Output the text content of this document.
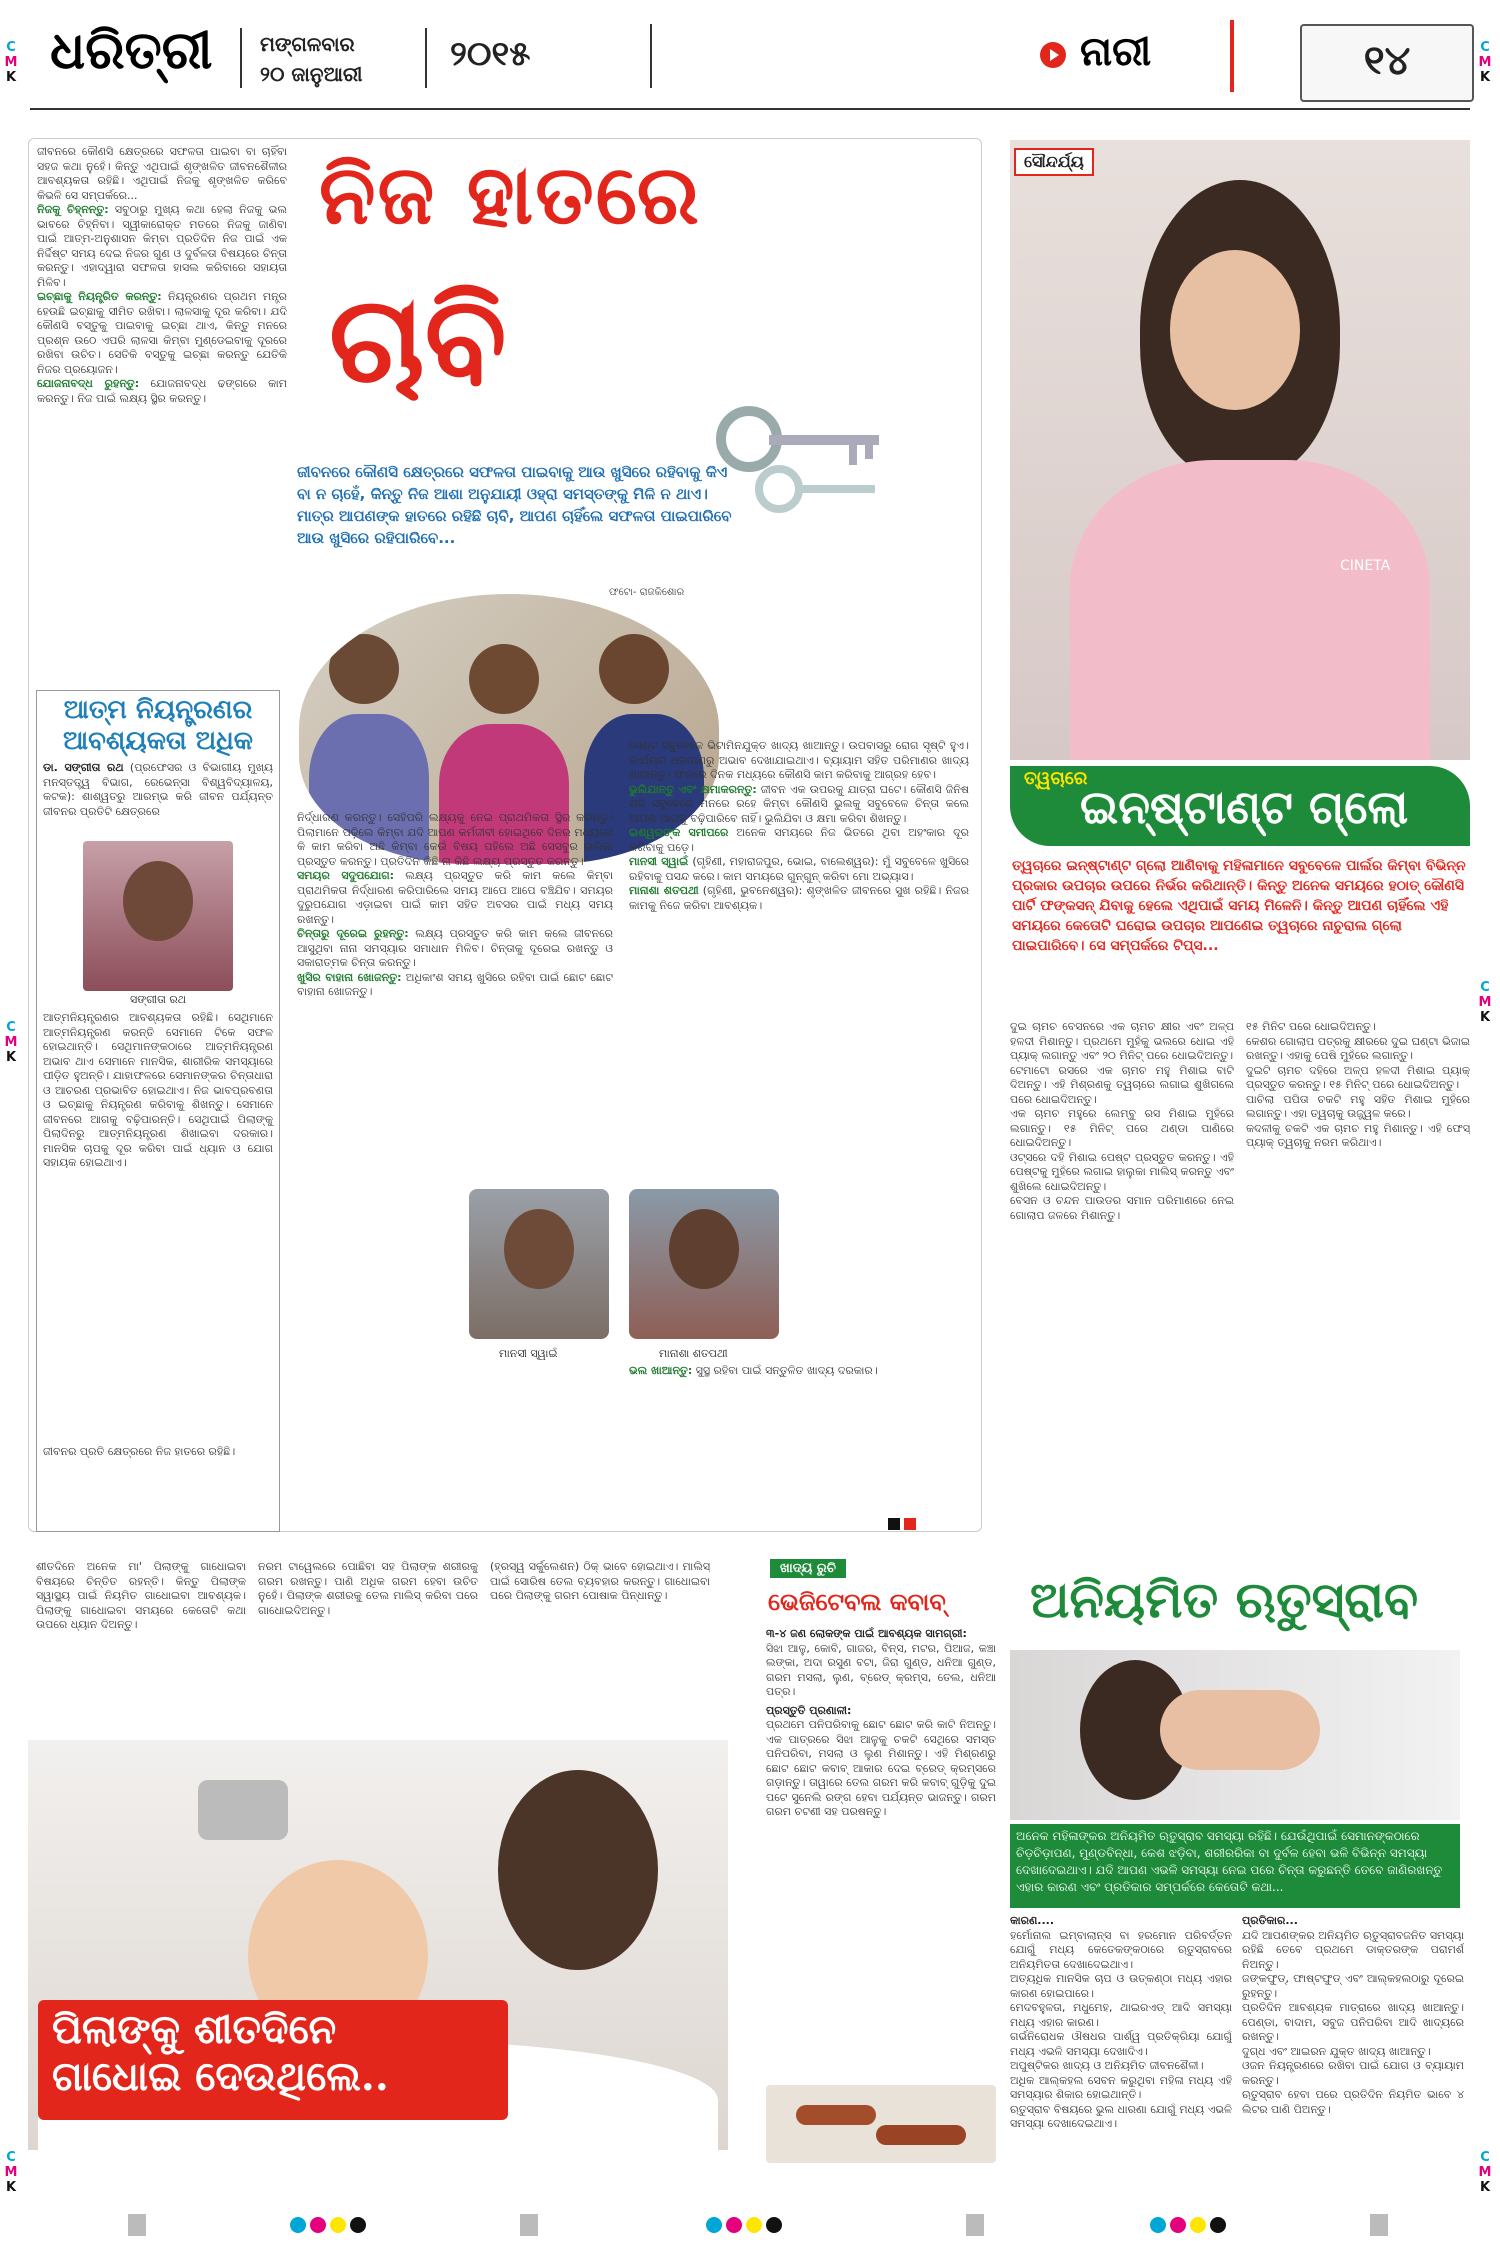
C
M
K
C
M
K
C
M
K
C
M
K
C
M
K
C
M
K
ଧରିତ୍ରୀ ମଙ୍ଗଳବାର
୨୦ ଜାନୁଆରୀ	୨୦୧୫	ନାରୀ	୧୪
ଜୀବନରେ କୌଣସି କ୍ଷେତ୍ରରେ ସଫଳତା ପାଇବା ବା ଚାହିଁବା ସହଜ କଥା ନୁହେଁ। କିନ୍ତୁ ଏଥିପାଇଁ ଶୃଙ୍ଖଳିତ ଜୀବନଶୈଳୀର ଆବଶ୍ୟକତା ରହିଛି। ଏଥିପାଇଁ ନିଜକୁ ଶୃଙ୍ଖଳିତ କରିବେ କିଭଳି ସେ ସମ୍ପର୍କରେ...
ନିଜକୁ ଚିହ୍ନନ୍ତୁ: ସବୁଠାରୁ ମୁଖ୍ୟ କଥା ହେଲା ନିଜକୁ ଭଲ ଭାବରେ ଚିହ୍ନିବା। ସ୍ୱୀକାରୋକ୍ତ ମତରେ ନିଜକୁ ଜାଣିବା ପାଇଁ ଆତ୍ମ-ଅନୁଶାସନ କିମ୍ବା ପ୍ରତିଦିନ ନିଜ ପାଇଁ ଏକ ନିର୍ଦ୍ଦିଷ୍ଟ ସମୟ ଦେଇ ନିଜର ଗୁଣ ଓ ଦୁର୍ବଳତା ବିଷୟରେ ଚିନ୍ତା କରନ୍ତୁ। ଏହାଦ୍ୱାରା ସଫଳତା ହାସଲ କରିବାରେ ସହାୟତା ମିଳିବ।
ଇଚ୍ଛାକୁ ନିୟନ୍ତ୍ରିତ କରନ୍ତୁ: ନିୟନ୍ତ୍ରଣର ପ୍ରଥମ ମନ୍ତ୍ର ହେଉଛି ଇଚ୍ଛାକୁ ସୀମିତ ରଖିବା। ଲାଳସାକୁ ଦୂର କରିବା। ଯଦି କୌଣସି ବସ୍ତୁକୁ ପାଇବାକୁ ଇଚ୍ଛା ଥାଏ, କିନ୍ତୁ ମନରେ ପ୍ରଶ୍ନ ଉଠେ ଏପରି ଲାଳସା କିମ୍ବା ମୁଣ୍ଡେଇବାକୁ ଦୂରରେ ରଖିବା ଉଚିତ। ସେତିକି ବସ୍ତୁକୁ ଇଚ୍ଛା କରନ୍ତୁ ଯେତିକି ନିଜର ପ୍ରୟୋଜନ।
ଯୋଜନାବଦ୍ଧ ରୁହନ୍ତୁ: ଯୋଜନାବଦ୍ଧ ଢଙ୍ଗରେ କାମ କରନ୍ତୁ। ନିଜ ପାଇଁ ଲକ୍ଷ୍ୟ ସ୍ଥିର କରନ୍ତୁ।
ନିଜ ହାତରେ
ଚାବି
ଜୀବନରେ କୌଣସି କ୍ଷେତ୍ରରେ ସଫଳତା ପାଇବାକୁ ଆଉ ଖୁସିରେ ରହିବାକୁ କିଏ ବା ନ ଚାହେଁ, କିନ୍ତୁ ନିଜ ଆଶା ଅନୁଯାୟୀ ଓହ୍ରା ସମସ୍ତଙ୍କୁ ମିଳି ନ ଥାଏ। ମାତ୍ର ଆପଣଙ୍କ ହାତରେ ରହିଛି ଚାବି, ଆପଣ ଚାହିଁଲେ ସଫଳତା ପାଇପାରିବେ ଆଉ ଖୁସିରେ ରହିପାରିବେ...
ଫଟୋ- ରାଜକିଶୋର
ନିର୍ଦ୍ଧାରଣ କରନ୍ତୁ। ସେହିପରି ଲକ୍ଷ୍ୟକୁ ନେଇ ପ୍ରାଥମିକତା ସ୍ଥିର କରନ୍ତୁ। ପିଲାମାନେ ପଢ଼ିଲେ କିମ୍ବା ଯଦି ଆପଣ କର୍ମଜୀବୀ ହୋଇଥିବେ ଦିନର ମଧ୍ୟରେ କି କାମ କରିବା ଅଛି କିମ୍ବା କେଉଁ ବିଷୟ ପହିଲେ ଅଛି ସେସବୁର ତାଲିକା ପ୍ରସ୍ତୁତ କରନ୍ତୁ। ପ୍ରତିଦିନ କିଛି ନା କିଛି ଲକ୍ଷ୍ୟ ପ୍ରସ୍ତୁତ କରନ୍ତୁ।
ସମୟର ସଦୁପଯୋଗ: ଲକ୍ଷ୍ୟ ପ୍ରସ୍ତୁତ କରି କାମ କଲେ କିମ୍ବା ପ୍ରାଥମିକତା ନିର୍ଦ୍ଧାରଣ କରିପାରିଲେ ସମୟ ଆପେ ଆପେ ବଞ୍ଚିଯିବ। ସମୟର ଦୁରୁପଯୋଗ ଏଡ଼ାଇବା ପାଇଁ କାମ ସହିତ ଅବସର ପାଇଁ ମଧ୍ୟ ସମୟ ରଖନ୍ତୁ।
ଚିନ୍ତାରୁ ଦୂରେଇ ରୁହନ୍ତୁ: ଲକ୍ଷ୍ୟ ପ୍ରସ୍ତୁତ କରି କାମ କଲେ ଜୀବନରେ ଆସୁଥିବା ନାନା ସମସ୍ୟାର ସମାଧାନ ମିଳିବ। ଚିନ୍ତାକୁ ଦୂରେଇ ରଖନ୍ତୁ ଓ ସକାରାତ୍ମକ ଚିନ୍ତା କରନ୍ତୁ।
ଖୁସିର ବାହାନା ଖୋଜନ୍ତୁ: ଅଧିକାଂଶ ସମୟ ଖୁସିରେ ରହିବା ପାଇଁ ଛୋଟ ଛୋଟ ବାହାନା ଖୋଜନ୍ତୁ।
ସେଣ୍ଟ ସବୁବେଳେ ଭିଟାମିନଯୁକ୍ତ ଖାଦ୍ୟ ଖାଆନ୍ତୁ। ଉପବାସରୁ ରୋଗ ସୃଷ୍ଟି ହୁଏ। କାର୍ଯ୍ୟର ଥକାପଣରୁ ଅଭାବ ଦେଖାଯାଇଥାଏ। ବ୍ୟାୟାମ ସହିତ ପରିମାଣର ଖାଦ୍ୟ ଖାଆନ୍ତୁ। ଫଳରେ ଦିନକ ମଧ୍ୟରେ କୌଣସି କାମ କରିବାକୁ ଆଗ୍ରହ ହେବ।
ଭୁଲିଯାନ୍ତୁ ଏବଂ କ୍ଷମାକରନ୍ତୁ: ଜୀବନ ଏକ ଉପରକୁ ଯାତ୍ରା ଘଟେ। କୌଣସି ଜିନିଷ ଯଦି ସବୁବେଳେ ମନରେ ରହେ କିମ୍ବା କୌଣସି ଭୁଲକୁ ସବୁବେଳେ ଚିନ୍ତା କଲେ ଆପଣ ଆଗକୁ ବଢ଼ିପାରିବେ ନାହିଁ। ଭୁଲିଯିବା ଓ କ୍ଷମା କରିବା ଶିଖନ୍ତୁ।
ଇଶ୍ୱରଙ୍କ ସମୀପରେ ଅନେକ ସମୟରେ ନିଜ ଭିତରେ ଥିବା ଅହଂକାର ଦୂର କରିବାକୁ ପଡ଼େ।
ମାନସୀ ସ୍ୱାଇଁ (ଗୃହିଣୀ, ମହାରାଜପୁର, ଭୋଇ, ବାଲେଶ୍ୱର): ମୁଁ ସବୁବେଳେ ଖୁସିରେ ରହିବାକୁ ପସନ୍ଦ କରେ। କାମ ସମୟରେ ଗୁନ୍ଗୁନ୍ କରିବା ମୋ ଅଭ୍ୟାସ।
ମାନାଶା ଶତପଥୀ (ଗୃହିଣୀ, ଭୁବନେଶ୍ୱର): ଶୃଙ୍ଖଳିତ ଜୀବନରେ ସୁଖ ରହିଛି। ନିଜର କାମକୁ ନିଜେ କରିବା ଆବଶ୍ୟକ।
ମାନସୀ ସ୍ୱାଇଁ	ମାନାଶା ଶତପଥୀ
ଭଲ ଖାଆନ୍ତୁ: ସୁସ୍ଥ ରହିବା ପାଇଁ ସନ୍ତୁଳିତ ଖାଦ୍ୟ ଦରକାର।
ଆତ୍ମ ନିୟନ୍ତ୍ରଣର
ଆବଶ୍ୟକତା ଅଧିକ
ଡା. ସଙ୍ଗୀତା ରଥ (ପ୍ରଫେସର ଓ ବିଭାଗୀୟ ମୁଖ୍ୟ ମନସ୍ତତ୍ତ୍ୱ ବିଭାଗ, ରେଭେନ୍ସା ବିଶ୍ୱବିଦ୍ୟାଳୟ, କଟକ): ଶାଶ୍ୱତରୁ ଆରମ୍ଭ କରି ଜୀବନ ପର୍ଯ୍ୟନ୍ତ ଜୀବନର ପ୍ରତିଟି କ୍ଷେତ୍ରରେ
ସଙ୍ଗୀତା ରଥ
ଆତ୍ମନିୟନ୍ତ୍ରଣର ଆବଶ୍ୟକତା ରହିଛି। ସେଥିମାନେ ଆତ୍ମନିୟନ୍ତ୍ରଣ କରନ୍ତି ସେମାନେ ଟିକେ ସଫଳ ହୋଇଥାନ୍ତି। ସେଥିମାନଙ୍କଠାରେ ଆତ୍ମନିୟନ୍ତ୍ରଣ ଅଭାବ ଥାଏ ସେମାନେ ମାନସିକ, ଶାରୀରିକ ସମସ୍ୟାରେ ପୀଡ଼ିତ ହୁଅନ୍ତି। ଯାହାଫଳରେ ସେମାନଙ୍କର ଚିନ୍ତାଧାରା ଓ ଆଚରଣ ପ୍ରଭାବିତ ହୋଇଥାଏ। ନିଜ ଭାବପ୍ରବଣତା ଓ ଇଚ୍ଛାକୁ ନିୟନ୍ତ୍ରଣ କରିବାକୁ ଶିଖନ୍ତୁ। ସେମାନେ ଜୀବନରେ ଆଗକୁ ବଢ଼ିପାରନ୍ତି। ସେଥିପାଇଁ ପିଲାଙ୍କୁ ପିଲାଦିନରୁ ଆତ୍ମନିୟନ୍ତ୍ରଣ ଶିଖାଇବା ଦରକାର। ମାନସିକ ଚାପକୁ ଦୂର କରିବା ପାଇଁ ଧ୍ୟାନ ଓ ଯୋଗ ସହାୟକ ହୋଇଥାଏ।
ଜୀବନର ପ୍ରତି କ୍ଷେତ୍ରରେ ନିଜ ହାତରେ ରହିଛି।
CINETA
ସୌନ୍ଦର୍ଯ୍ୟ
ତ୍ୱଚାରେ
ଇନ୍‌ଷ୍ଟାଣ୍ଟ ଗ୍ଲୋ
ତ୍ୱଚାରେ ଇନ୍‌ଷ୍ଟାଣ୍ଟ ଗ୍ଲୋ ଆଣିବାକୁ ମହିଳାମାନେ ସବୁବେଳେ ପାର୍ଲର କିମ୍ବା ବିଭିନ୍ନ ପ୍ରକାର ଉପଚାର ଉପରେ ନିର୍ଭର କରିଥାନ୍ତି। କିନ୍ତୁ ଅନେକ ସମୟରେ ହଠାତ୍ କୌଣସି ପାର୍ଟି ଫଙ୍କସନ୍ ଯିବାକୁ ହେଲେ ଏଥିପାଇଁ ସମୟ ମିଳେନି। କିନ୍ତୁ ଆପଣ ଚାହିଁଲେ ଏହି ସମୟରେ କେତୋଟି ଘରୋଇ ଉପଚାର ଆପଣେଇ ତ୍ୱଚାରେ ନାଚୁରାଲ ଗ୍ଲୋ ପାଇପାରିବେ। ସେ ସମ୍ପର୍କରେ ଟିପ୍ସ...
ଦୁଇ ଚାମଚ ବେସନରେ ଏକ ଚାମଚ କ୍ଷୀର ଏବଂ ଅଳ୍ପ ହଳଦୀ ମିଶାନ୍ତୁ। ପ୍ରଥମେ ମୁହଁକୁ ଭଲରେ ଧୋଇ ଏହି ପ୍ୟାକ୍ ଲଗାନ୍ତୁ ଏବଂ ୨୦ ମିନିଟ୍ ପରେ ଧୋଇଦିଅନ୍ତୁ।
ଟେମାଟୋ ରସରେ ଏକ ଚାମଚ ମହୁ ମିଶାଇ ବାଟି ଦିଅନ୍ତୁ। ଏହି ମିଶ୍ରଣକୁ ତ୍ୱଚାରେ ଲଗାଇ ଶୁଖିଗଲେ ପରେ ଧୋଇଦିଅନ୍ତୁ।
ଏକ ଚାମଚ ମହୁରେ ଲେମ୍ବୁ ରସ ମିଶାଇ ମୁହଁରେ ଲଗାନ୍ତୁ। ୧୫ ମିନିଟ୍ ପରେ ଥଣ୍ଡା ପାଣିରେ ଧୋଇଦିଅନ୍ତୁ।
ଓଟ୍‌ସରେ ଦହି ମିଶାଇ ପେଷ୍ଟ ପ୍ରସ୍ତୁତ କରନ୍ତୁ। ଏହି ପେଷ୍ଟକୁ ମୁହଁରେ ଲଗାଇ ହାଲୁକା ମାଲିସ୍ କରନ୍ତୁ ଏବଂ ଶୁଖିଲେ ଧୋଇଦିଅନ୍ତୁ।
ବେସନ ଓ ଚନ୍ଦନ ପାଉଡର ସମାନ ପରିମାଣରେ ନେଇ ଗୋଲାପ ଜଳରେ ମିଶାନ୍ତୁ।
୧୫ ମିନିଟ ପରେ ଧୋଇଦିଅନ୍ତୁ।
କେଶର ଗୋଲାପ ପତ୍ରକୁ କ୍ଷୀରରେ ଦୁଇ ଘଣ୍ଟା ଭିଜାଇ ରଖନ୍ତୁ। ଏହାକୁ ପେଷି ମୁହଁରେ ଲଗାନ୍ତୁ।
ଦୁଇଟି ଚାମଚ ଦହିରେ ଅଳ୍ପ ହଳଦୀ ମିଶାଇ ପ୍ୟାକ୍ ପ୍ରସ୍ତୁତ କରନ୍ତୁ। ୧୫ ମିନିଟ୍ ପରେ ଧୋଇଦିଅନ୍ତୁ।
ପାଚିଲା ପପିତା ଚକଟି ମହୁ ସହିତ ମିଶାଇ ମୁହଁରେ ଲଗାନ୍ତୁ। ଏହା ତ୍ୱଚାକୁ ଉଜ୍ଜ୍ୱଳ କରେ।
କଦଳୀକୁ ଚକଟି ଏକ ଚାମଚ ମହୁ ମିଶାନ୍ତୁ। ଏହି ଫେସ୍ ପ୍ୟାକ୍ ତ୍ୱଚାକୁ ନରମ କରିଥାଏ।
ଶୀତଦିନେ ଅନେକ ମା' ପିଲାଙ୍କୁ ଗାଧୋଇବା ବିଷୟରେ ଚିନ୍ତିତ ରହନ୍ତି। କିନ୍ତୁ ପିଲାଙ୍କ ସ୍ୱାସ୍ଥ୍ୟ ପାଇଁ ନିୟମିତ ଗାଧୋଇବା ଆବଶ୍ୟକ। ପିଲାଙ୍କୁ ଗାଧୋଇବା ସମୟରେ କେତୋଟି କଥା ଉପରେ ଧ୍ୟାନ ଦିଅନ୍ତୁ।
ନରମ ଟାୱେଲରେ ପୋଛିବା ସହ ପିଲାଙ୍କ ଶରୀରକୁ ଗରମ ରଖନ୍ତୁ। ପାଣି ଅଧିକ ଗରମ ହେବା ଉଚିତ ନୁହେଁ। ପିଲାଙ୍କ ଶରୀରକୁ ତେଲ ମାଲିସ୍ କରିବା ପରେ ଗାଧୋଇଦିଅନ୍ତୁ।
(ହ୍ରସ୍ୱ ସର୍କୁଲେଶନ) ଠିକ୍ ଭାବେ ହୋଇଥାଏ। ମାଲିସ୍ ପାଇଁ ସୋରିଷ ତେଲ ବ୍ୟବହାର କରନ୍ତୁ। ଗାଧୋଇବା ପରେ ପିଲାଙ୍କୁ ଗରମ ପୋଷାକ ପିନ୍ଧାନ୍ତୁ।
ପିଲାଙ୍କୁ ଶୀତଦିନେ
ଗାଧୋଇ ଦେଉଥିଲେ..
ଖାଦ୍ୟ ରୁଚି
ଭେଜିଟେବଲ କବାବ୍
୩-୪ ଜଣ ଲୋକଙ୍କ ପାଇଁ ଆବଶ୍ୟକ ସାମଗ୍ରୀ:
ସିଝା ଆଳୁ, କୋବି, ଗାଜର, ବିନ୍ସ, ମଟର, ପିଆଜ, କଞ୍ଚା ଲଙ୍କା, ଅଦା ରସୁଣ ବଟା, ଜିରା ଗୁଣ୍ଡ, ଧନିଆ ଗୁଣ୍ଡ, ଗରମ ମସଲା, ଲୁଣ, ବ୍ରେଡ୍ କ୍ରମ୍ସ, ତେଲ, ଧନିଆ ପତ୍ର।
ପ୍ରସ୍ତୁତି ପ୍ରଣାଳୀ:
ପ୍ରଥମେ ପନିପରିବାକୁ ଛୋଟ ଛୋଟ କରି କାଟି ନିଅନ୍ତୁ। ଏକ ପାତ୍ରରେ ସିଝା ଆଳୁକୁ ଚକଟି ସେଥିରେ ସମସ୍ତ ପନିପରିବା, ମସଲା ଓ ଲୁଣ ମିଶାନ୍ତୁ। ଏହି ମିଶ୍ରଣରୁ ଛୋଟ ଛୋଟ କବାବ୍ ଆକାର ଦେଇ ବ୍ରେଡ୍ କ୍ରମ୍ସରେ ଗଡ଼ାନ୍ତୁ। ତାୱାରେ ତେଲ ଗରମ କରି କବାବ୍ ଗୁଡ଼ିକୁ ଦୁଇ ପଟେ ସୁନେଲି ରଙ୍ଗ ହେବା ପର୍ଯ୍ୟନ୍ତ ଭାଜନ୍ତୁ। ଗରମ ଗରମ ଚଟଣୀ ସହ ପରଷନ୍ତୁ।
ଅନିୟମିତ ଋତୁସ୍ରାବ
ଅନେକ ମହିଳାଙ୍କର ଅନିୟମିତ ଋତୁସ୍ରାବ ସମସ୍ୟା ରହିଛି। ଯେଉଁଥିପାଇଁ ସେମାନଙ୍କଠାରେ ଚିଡ଼ଚିଡ଼ାପଣ, ମୁଣ୍ଡବିନ୍ଧା, କେଶ ଝଡ଼ିବା, ଶରୀରରିକା ବା ଦୁର୍ବଳ ହେବା ଭଳି ବିଭିନ୍ନ ସମସ୍ୟା ଦେଖାଦେଇଥାଏ। ଯଦି ଆପଣ ଏଭଳି ସମସ୍ୟା ନେଇ ପରେ ଚିନ୍ତା କରୁଛନ୍ତି ତେବେ ଜାଣିରଖନ୍ତୁ ଏହାର କାରଣ ଏବଂ ପ୍ରତିକାର ସମ୍ପର୍କରେ କେତୋଟି କଥା...
କାରଣ....
ହର୍ମୋନାଲ ଇମ୍ବାଲାନ୍ସ ବା ହରମୋନ ପରିବର୍ତ୍ତନ ଯୋଗୁଁ ମଧ୍ୟ କେତେକଙ୍କଠାରେ ଋତୁସ୍ରାବରେ ଅନିୟମିତତା ଦେଖାଦେଇଥାଏ।
ଅତ୍ୟଧିକ ମାନସିକ ଚାପ ଓ ଉତ୍କଣ୍ଠା ମଧ୍ୟ ଏହାର କାରଣ ହୋଇପାରେ।
ମେଦବହୁଳତା, ମଧୁମେହ, ଥାଇରଏଡ୍ ଆଦି ସମସ୍ୟା ମଧ୍ୟ ଏହାର କାରଣ।
ଗର୍ଭନିରୋଧକ ଔଷଧର ପାର୍ଶ୍ୱ ପ୍ରତିକ୍ରିୟା ଯୋଗୁଁ ମଧ୍ୟ ଏଭଳି ସମସ୍ୟା ଦେଖାଦିଏ।
ଅପୁଷ୍ଟିକର ଖାଦ୍ୟ ଓ ଅନିୟମିତ ଜୀବନଶୈଳୀ।
ଅଧିକ ଆଲ୍‌କହଲ ସେବନ କରୁଥିବା ମହିଳା ମଧ୍ୟ ଏହି ସମସ୍ୟାର ଶିକାର ହୋଇଥାନ୍ତି।
ଋତୁସ୍ରାବ ବିଷୟରେ ଭୁଲ ଧାରଣା ଯୋଗୁଁ ମଧ୍ୟ ଏଭଳି ସମସ୍ୟା ଦେଖାଦେଇଥାଏ।
ପ୍ରତିକାର...
ଯଦି ଆପଣଙ୍କର ଅନିୟମିତ ଋତୁସ୍ରାବଜନିତ ସମସ୍ୟା ରହିଛି ତେବେ ପ୍ରଥମେ ଡାକ୍ତରଙ୍କ ପରାମର୍ଶ ନିଅନ୍ତୁ।
ଜଙ୍କଫୁଡ୍, ଫାଷ୍ଟଫୁଡ୍ ଏବଂ ଆଲ୍‌କହଲଠାରୁ ଦୂରେଇ ରୁହନ୍ତୁ।
ପ୍ରତିଦିନ ଆବଶ୍ୟକ ମାତ୍ରାରେ ଖାଦ୍ୟ ଖାଆନ୍ତୁ। ପେଣ୍ଡା, ବାଦାମ, ସବୁଜ ପନିପରିବା ଆଦି ଖାଦ୍ୟରେ ରଖନ୍ତୁ।
ଦୁଗ୍ଧ ଏବଂ ଆଇରନ ଯୁକ୍ତ ଖାଦ୍ୟ ଖାଆନ୍ତୁ।
ଓଜନ ନିୟନ୍ତ୍ରଣରେ ରଖିବା ପାଇଁ ଯୋଗ ଓ ବ୍ୟାୟାମ କରନ୍ତୁ।
ଋତୁସ୍ରାବ ହେବା ପରେ ପ୍ରତିଦିନ ନିୟମିତ ଭାବେ ୪ ଲିଟର ପାଣି ପିଅନ୍ତୁ।
